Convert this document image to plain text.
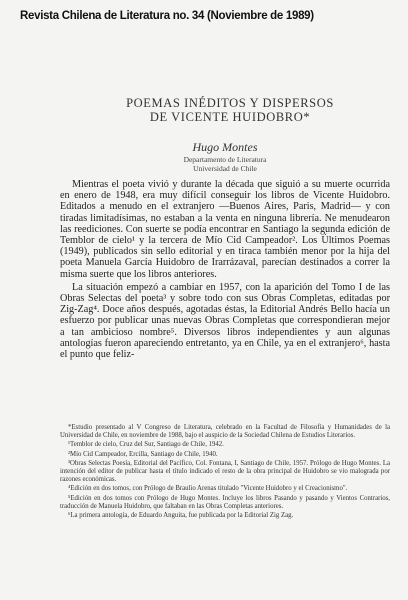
Revista Chilena de Literatura no. 34 (Noviembre de 1989)
POEMAS INÉDITOS Y DISPERSOS
DE VICENTE HUIDOBRO*
Hugo Montes
Departamento de Literatura
Universidad de Chile

Mientras el poeta vivió y durante la década que siguió a su muerte ocurrida en enero de 1948, era muy difícil conseguir los libros de Vicente Huidobro. Editados a menudo en el extranjero —Buenos Aires, Paris, Madrid— y con tiradas limitadísimas, no estaban a la venta en ninguna librería. Ne menudearon las reediciones. Con suerte se podía encontrar en Santiago la segunda edición de Temblor de cielo¹ y la tercera de Mío Cid Campeador². Los Últimos Poemas (1949), publicados sin sello editorial y en tiraca también menor por la hija del poeta Manuela García Huidobro de Irarrázaval, parecían destinados a correr la misma suerte que los libros anteriores.

La situación empezó a cambiar en 1957, con la aparición del Tomo I de las Obras Selectas del poeta³ y sobre todo con sus Obras Completas, editadas por Zig-Zag⁴. Doce años después, agotadas éstas, la Editorial Andrés Bello hacía un esfuerzo por publicar unas nuevas Obras Completas que correspondieran mejor a tan ambicioso nombre⁵. Diversos libros independientes y aun algunas antologías fueron apareciendo entretanto, ya en Chile, ya en el extranjero⁶, hasta el punto que feliz-

*Estudio presentado al V Congreso de Literatura, celebrado en la Facultad de Filosofía y Humanidades de la Universidad de Chile, en noviembre de 1988, bajo el auspicio de la Sociedad Chilena de Estudios Literarios.

¹Temblor de cielo, Cruz del Sur, Santiago de Chile, 1942.

²Mío Cid Campeador, Ercilla, Santiago de Chile, 1940.

³Obras Selectas Poesía, Editorial del Pacífico, Col. Fontana, I, Santiago de Chile, 1957. Prólogo de Hugo Montes. La intención del editor de publicar hasta el título indicado el resto de la obra principal de Huidobro se vio malograda por razones económicas.

⁴Edición en dos tomos, con Prólogo de Braulio Arenas titulado "Vicente Huidobro y el Creacionismo".

⁵Edición en dos tomos con Prólogo de Hugo Montes. Incluye los libros Pasando y pasando y Vientos Contrarios, traducción de Manuela Huidobro, que faltaban en las Obras Completas anteriores.

⁶La primera antología, de Eduardo Anguita, fue publicada por la Editorial Zig Zag.
